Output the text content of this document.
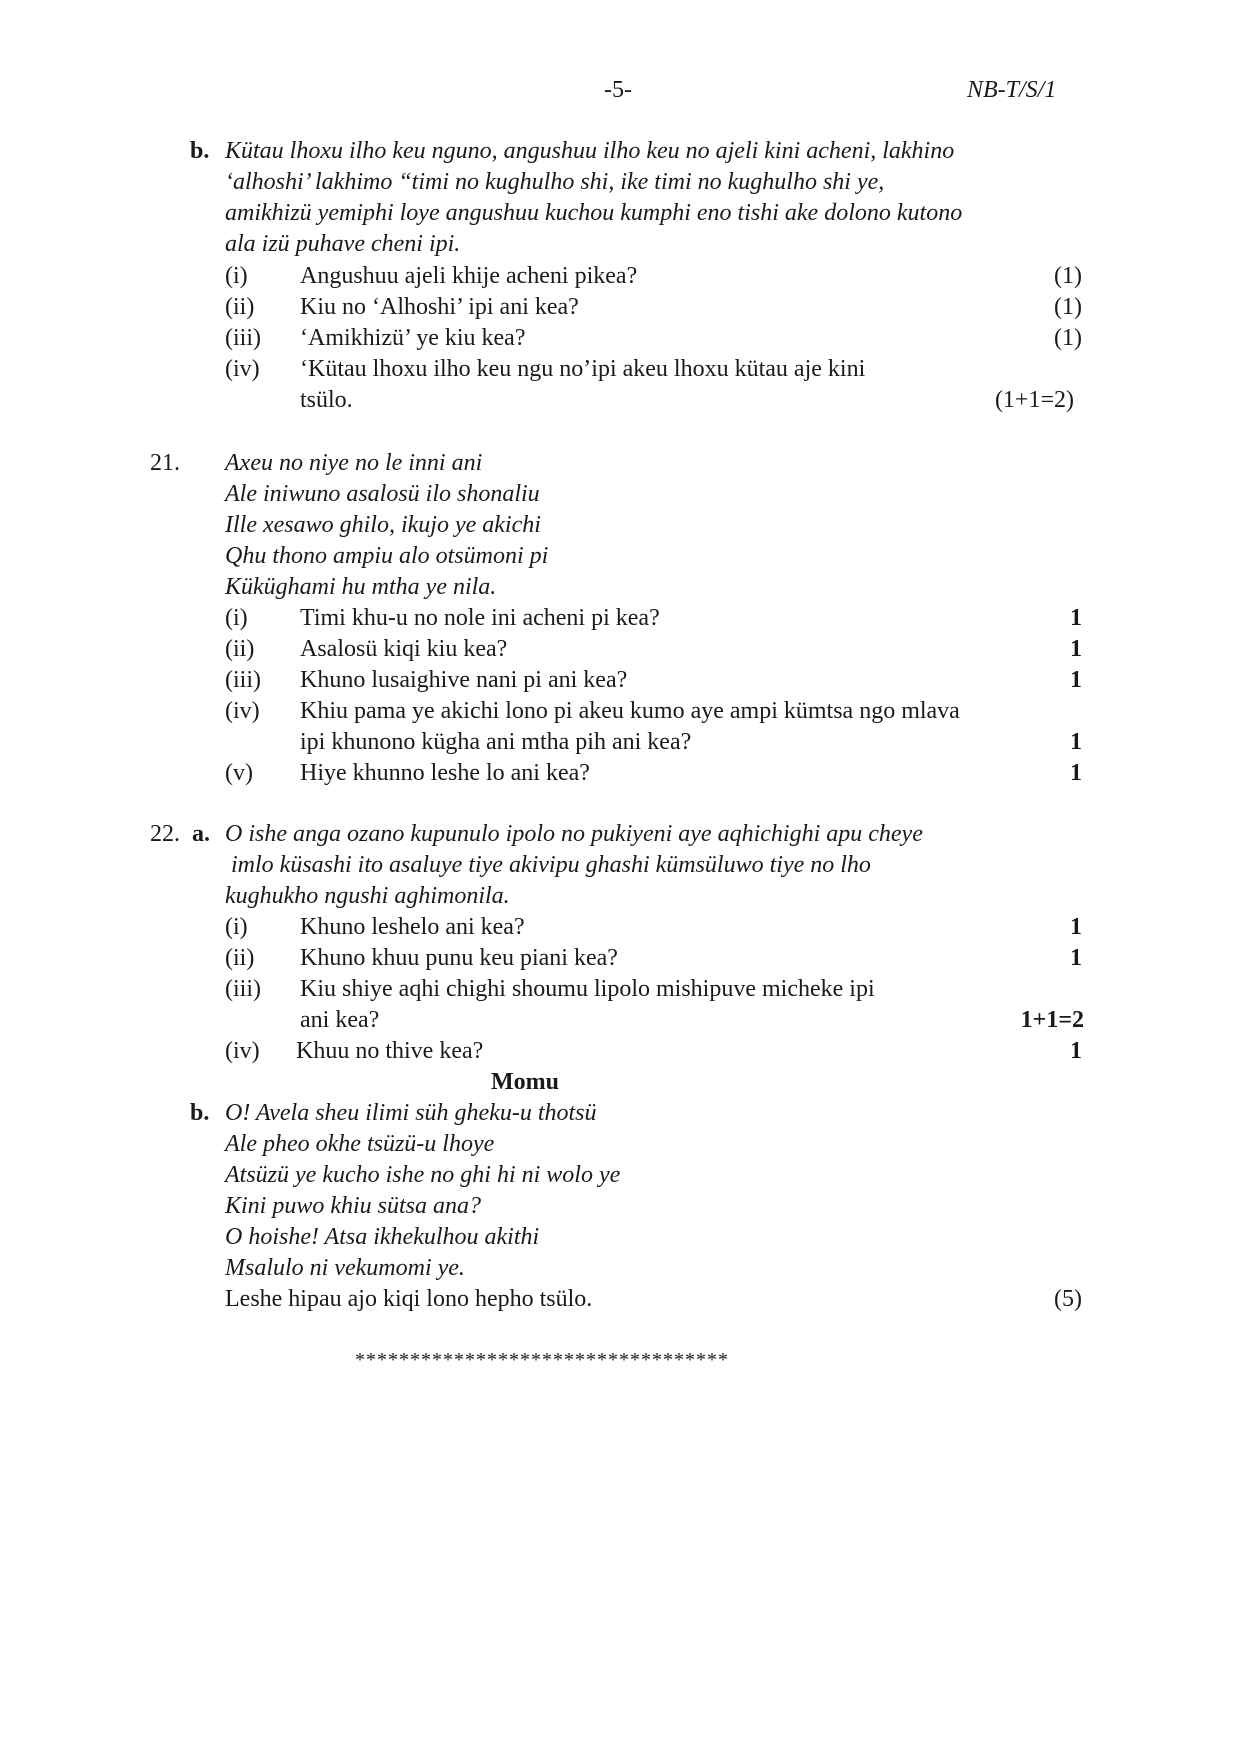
-5-	NB-T/S/1
b. Kütau lhoxu ilho keu nguno, angushuu ilho keu no ajeli kini acheni, lakhino
‘alhoshi’ lakhimo “timi no kughulho shi, ike timi no kughulho shi ye,
amikhizü yemiphi loye angushuu kuchou kumphi eno tishi ake dolono kutono
ala izü puhave cheni ipi.
(i) Angushuu ajeli khije acheni pikea?	(1)
(ii) Kiu no ‘Alhoshi’ ipi ani kea?	(1)
(iii) ‘Amikhizü’ ye kiu kea?	(1)
(iv) ‘Kütau lhoxu ilho keu ngu no’ipi akeu lhoxu kütau aje kini
tsülo.	(1+1=2)
21. Axeu no niye no le inni ani
Ale iniwuno asalosü ilo shonaliu
Ille xesawo ghilo, ikujo ye akichi
Qhu thono ampiu alo otsümoni pi
Küküghami hu mtha ye nila.
(i) Timi khu-u no nole ini acheni pi kea?	1
(ii) Asalosü kiqi kiu kea?	1
(iii) Khuno lusaighive nani pi ani kea?	1
(iv) Khiu pama ye akichi lono pi akeu kumo aye ampi kümtsa ngo mlava
ipi khunono kügha ani mtha pih ani kea?	1
(v) Hiye khunno leshe lo ani kea?	1
22. a. O ishe anga ozano kupunulo ipolo no pukiyeni aye aqhichighi apu cheye
imlo küsashi ito asaluye tiye akivipu ghashi kümsüluwo tiye no lho
kughukho ngushi aghimonila.
(i) Khuno leshelo ani kea?	1
(ii) Khuno khuu punu keu piani kea?	1
(iii) Kiu shiye aqhi chighi shoumu lipolo mishipuve micheke ipi
ani kea?	1+1=2
(iv) Khuu no thive kea?	1
Momu
b. O! Avela sheu ilimi süh gheku-u thotsü
Ale pheo okhe tsüzü-u lhoye
Atsüzü ye kucho ishe no ghi hi ni wolo ye
Kini puwo khiu sütsa ana?
O hoishe! Atsa ikhekulhou akithi
Msalulo ni vekumomi ye.
Leshe hipau ajo kiqi lono hepho tsülo.	(5)
**********************************
